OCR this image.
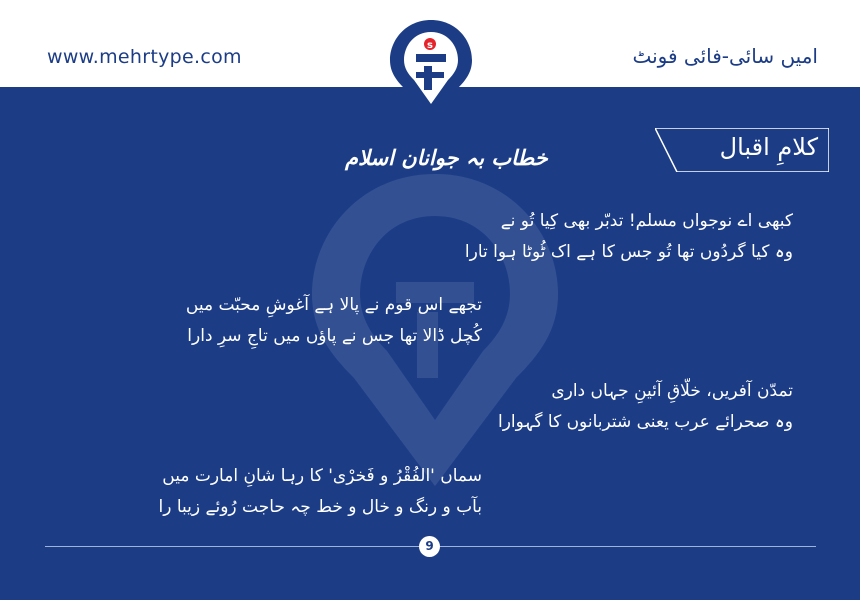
www.mehrtype.com	امیں سائی-فائی فونٹ
s
کلامِ اقبال
خطاب بہ جوانان اسلام
کبھی اے نوجواں مسلم! تدبّر بھی کِیا تُو نے
وہ کیا گردُوں تھا تُو جس کا ہے اک ٹُوٹا ہوا تارا
تجھے اس قوم نے پالا ہے آغوشِ محبّت میں
کُچل ڈالا تھا جس نے پاؤں میں تاجِ سرِ دارا
تمدّن آفریں، خلّاقِ آئینِ جہاں داری
وہ صحرائے عرب یعنی شتربانوں کا گہوارا
سماں 'الفُقْرُ و فَخرْی' کا رہا شانِ امارت میں
بآب و رنگ و خال و خط چہ حاجت رُوئے زیبا را
9
